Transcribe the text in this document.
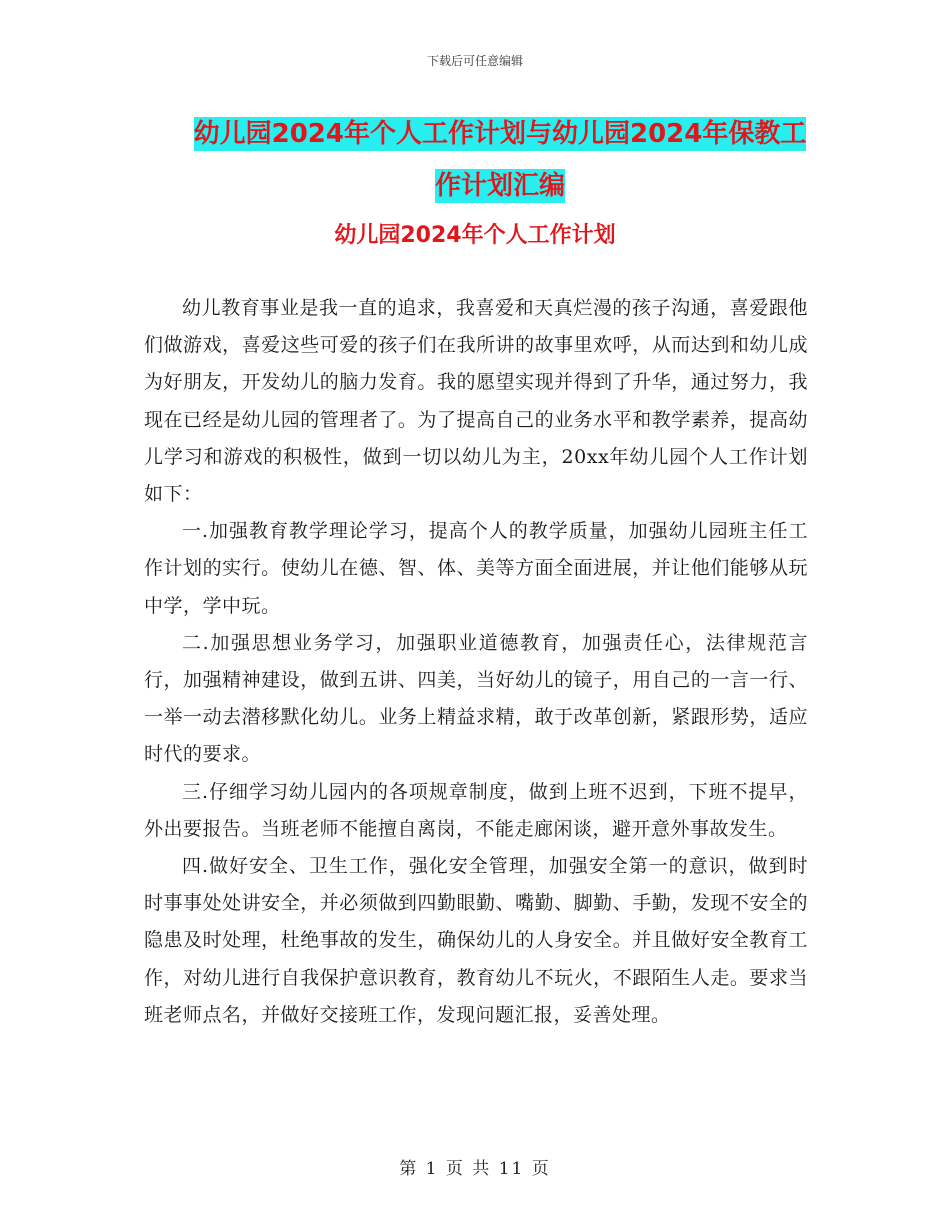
下载后可任意编辑
幼儿园2024年个人工作计划与幼儿园2024年保教工作计划汇编
幼儿园2024年个人工作计划

幼儿教育事业是我一直的追求，我喜爱和天真烂漫的孩子沟通，喜爱跟他们做游戏，喜爱这些可爱的孩子们在我所讲的故事里欢呼，从而达到和幼儿成为好朋友，开发幼儿的脑力发育。我的愿望实现并得到了升华，通过努力，我现在已经是幼儿园的管理者了。为了提高自己的业务水平和教学素养，提高幼儿学习和游戏的积极性，做到一切以幼儿为主，20xx年幼儿园个人工作计划如下：

一.加强教育教学理论学习，提高个人的教学质量，加强幼儿园班主任工作计划的实行。使幼儿在德、智、体、美等方面全面进展，并让他们能够从玩中学，学中玩。

二.加强思想业务学习，加强职业道德教育，加强责任心，法律规范言行，加强精神建设，做到五讲、四美，当好幼儿的镜子，用自己的一言一行、一举一动去潜移默化幼儿。业务上精益求精，敢于改革创新，紧跟形势，适应时代的要求。

三.仔细学习幼儿园内的各项规章制度，做到上班不迟到，下班不提早，外出要报告。当班老师不能擅自离岗，不能走廊闲谈，避开意外事故发生。

四.做好安全、卫生工作，强化安全管理，加强安全第一的意识，做到时时事事处处讲安全，并必须做到四勤眼勤、嘴勤、脚勤、手勤，发现不安全的隐患及时处理，杜绝事故的发生，确保幼儿的人身安全。并且做好安全教育工作，对幼儿进行自我保护意识教育，教育幼儿不玩火，不跟陌生人走。要求当班老师点名，并做好交接班工作，发现问题汇报，妥善处理。

第 1 页 共 11 页
